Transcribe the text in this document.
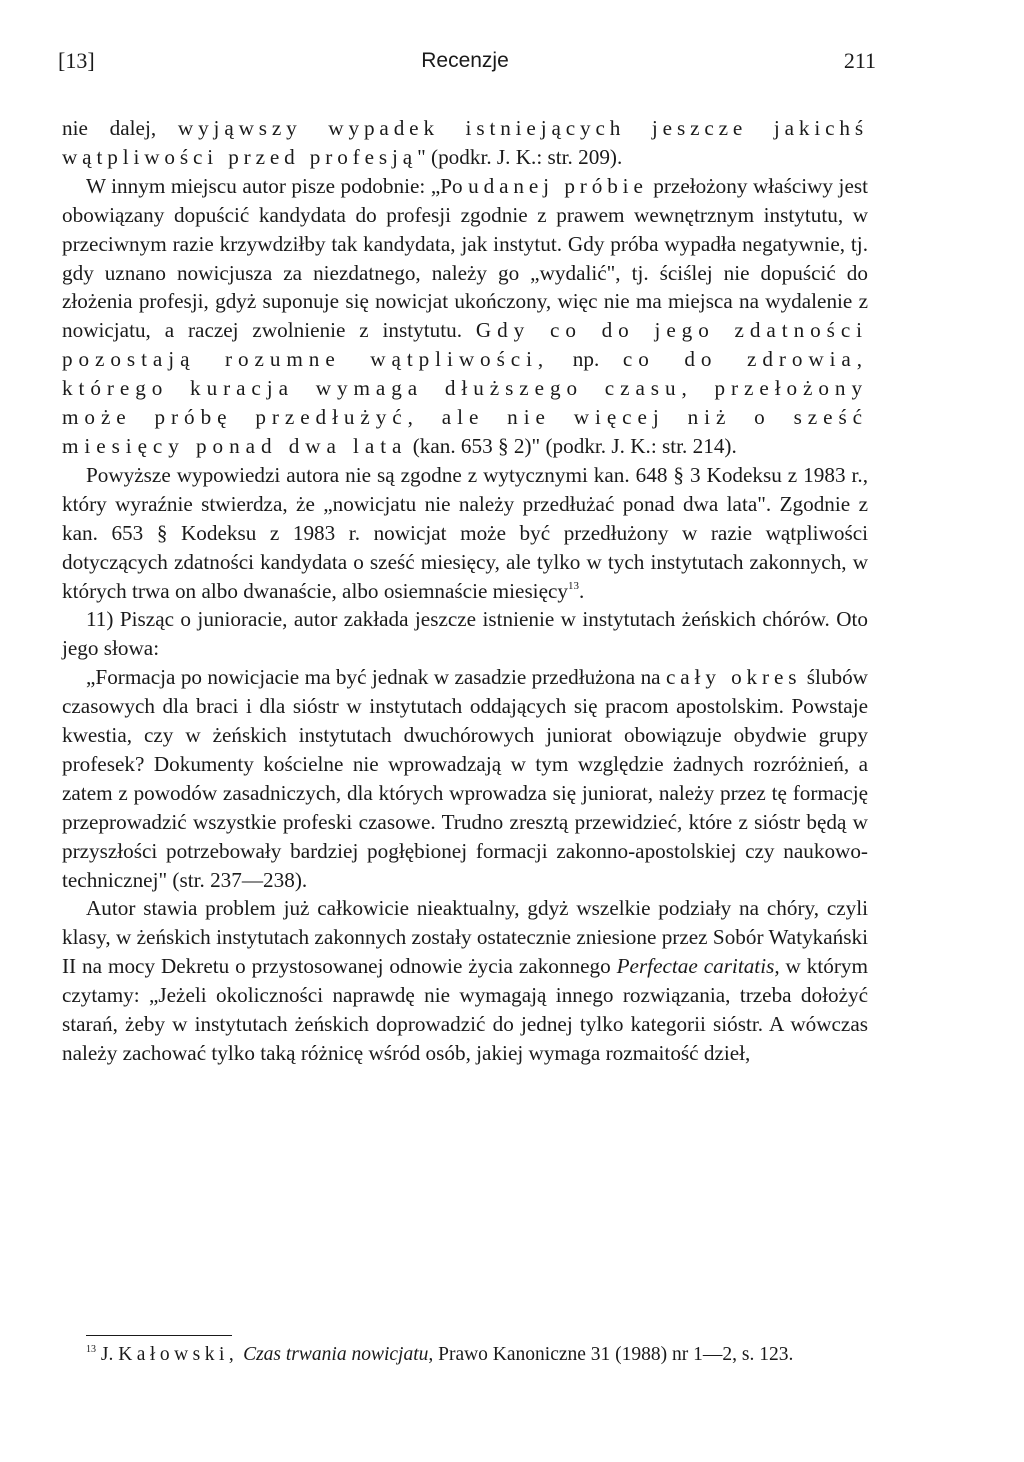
[13]	Recenzje	211

nie dalej, wyjąwszy wypadek istniejących jeszcze jakichś wątpliwości przed profesją" (podkr. J. K.: str. 209).

W innym miejscu autor pisze podobnie: „Po udanej próbie przełożony właściwy jest obowiązany dopuścić kandydata do profesji zgodnie z prawem wewnętrznym instytutu, w przeciwnym razie krzywdziłby tak kandydata, jak instytut. Gdy próba wypadła negatywnie, tj. gdy uznano nowicjusza za niezdatnego, należy go „wydalić", tj. ściślej nie dopuścić do złożenia profesji, gdyż suponuje się nowicjat ukończony, więc nie ma miejsca na wydalenie z nowicjatu, a raczej zwolnienie z instytutu. Gdy co do jego zdatności pozostają rozumne wątpliwości, np. co do zdrowia, którego kuracja wymaga dłuższego czasu, przełożony może próbę przedłużyć, ale nie więcej niż o sześć miesięcy ponad dwa lata (kan. 653 § 2)" (podkr. J. K.: str. 214).

Powyższe wypowiedzi autora nie są zgodne z wytycznymi kan. 648 § 3 Kodeksu z 1983 r., który wyraźnie stwierdza, że „nowicjatu nie należy przedłużać ponad dwa lata". Zgodnie z kan. 653 § Kodeksu z 1983 r. nowicjat może być przedłużony w razie wątpliwości dotyczących zdatności kandydata o sześć miesięcy, ale tylko w tych instytutach zakonnych, w których trwa on albo dwanaście, albo osiemnaście miesięcy$^{13}$.

11) Pisząc o junioracie, autor zakłada jeszcze istnienie w instytutach żeńskich chórów. Oto jego słowa:

„Formacja po nowicjacie ma być jednak w zasadzie przedłużona na cały okres ślubów czasowych dla braci i dla sióstr w instytutach oddających się pracom apostolskim. Powstaje kwestia, czy w żeńskich instytutach dwuchórowych juniorat obowiązuje obydwie grupy profesek? Dokumenty kościelne nie wprowadzają w tym względzie żadnych rozróżnień, a zatem z powodów zasadniczych, dla których wprowadza się juniorat, należy przez tę formację przeprowadzić wszystkie profeski czasowe. Trudno zresztą przewidzieć, które z sióstr będą w przyszłości potrzebowały bardziej pogłębionej formacji zakonno-apostolskiej czy naukowo-technicznej" (str. 237—238).

Autor stawia problem już całkowicie nieaktualny, gdyż wszelkie podziały na chóry, czyli klasy, w żeńskich instytutach zakonnych zostały ostatecznie zniesione przez Sobór Watykański II na mocy Dekretu o przystosowanej odnowie życia zakonnego Perfectae caritatis, w którym czytamy: „Jeżeli okoliczności naprawdę nie wymagają innego rozwiązania, trzeba dołożyć starań, żeby w instytutach żeńskich doprowadzić do jednej tylko kategorii sióstr. A wówczas należy zachować tylko taką różnicę wśród osób, jakiej wymaga rozmaitość dzieł,

$^{13}$ J. Kałowski, Czas trwania nowicjatu, Prawo Kanoniczne 31 (1988) nr 1—2, s. 123.
